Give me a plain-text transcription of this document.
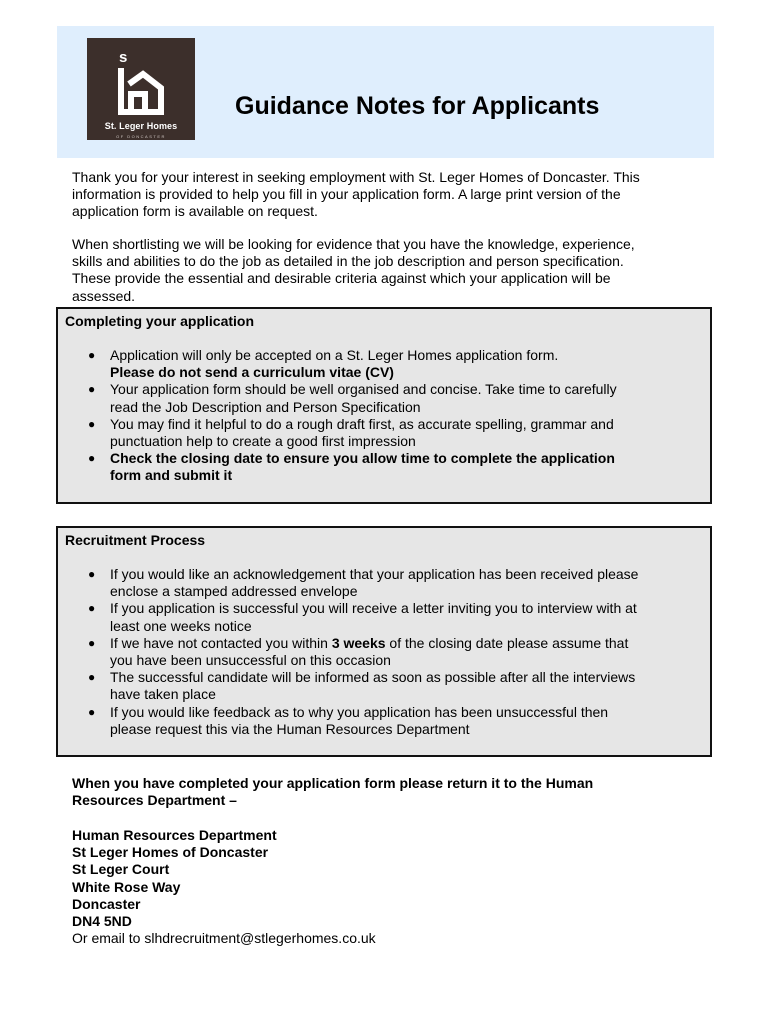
s
St. Leger Homes
OF DONCASTER
Guidance Notes for Applicants
Thank you for your interest in seeking employment with St. Leger Homes of Doncaster. This
information is provided to help you fill in your application form. A large print version of the
application form is available on request.
When shortlisting we will be looking for evidence that you have the knowledge, experience,
skills and abilities to do the job as detailed in the job description and person specification.
These provide the essential and desirable criteria against which your application will be
assessed.
Completing your application
● Application will only be accepted on a St. Leger Homes application form.
Please do not send a curriculum vitae (CV)
● Your application form should be well organised and concise. Take time to carefully
read the Job Description and Person Specification
● You may find it helpful to do a rough draft first, as accurate spelling, grammar and
punctuation help to create a good first impression
● Check the closing date to ensure you allow time to complete the application
form and submit it
Recruitment Process
● If you would like an acknowledgement that your application has been received please
enclose a stamped addressed envelope
● If you application is successful you will receive a letter inviting you to interview with at
least one weeks notice
● If we have not contacted you within 3 weeks of the closing date please assume that
you have been unsuccessful on this occasion
● The successful candidate will be informed as soon as possible after all the interviews
have taken place
● If you would like feedback as to why you application has been unsuccessful then
please request this via the Human Resources Department
When you have completed your application form please return it to the Human
Resources Department –
Human Resources Department
St Leger Homes of Doncaster
St Leger Court
White Rose Way
Doncaster
DN4 5ND
Or email to slhdrecruitment@stlegerhomes.co.uk
